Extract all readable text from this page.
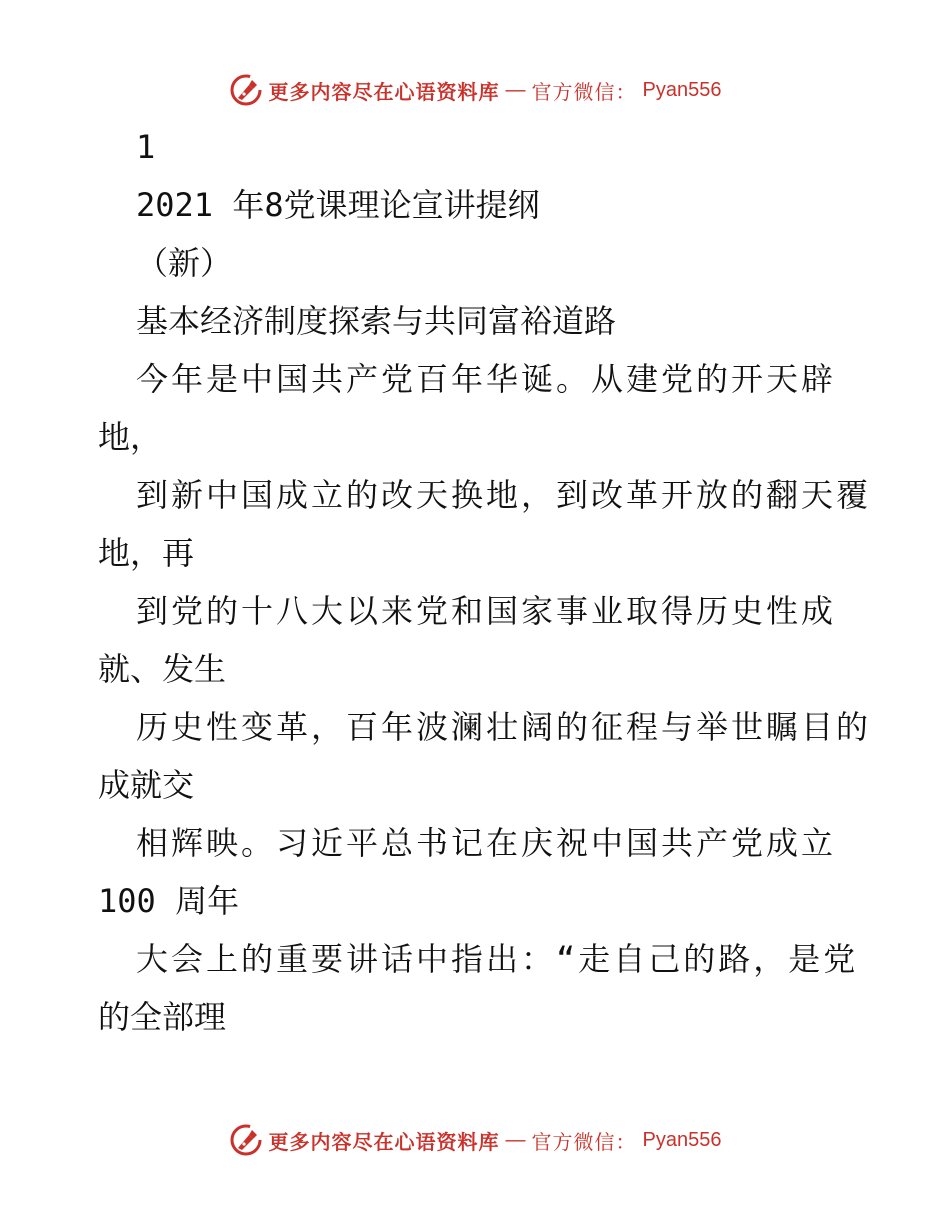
更多内容尽在心语资料库 — 官方微信： Pyan556
1
2021 年8党课理论宣讲提纲
（新）
基本经济制度探索与共同富裕道路
今年是中国共产党百年华诞。从建党的开天辟
地，
到新中国成立的改天换地，到改革开放的翻天覆
地，再
到党的十八大以来党和国家事业取得历史性成
就、发生
历史性变革，百年波澜壮阔的征程与举世瞩目的
成就交
相辉映。习近平总书记在庆祝中国共产党成立
100 周年
大会上的重要讲话中指出：“走自己的路，是党
的全部理
更多内容尽在心语资料库 — 官方微信： Pyan556
